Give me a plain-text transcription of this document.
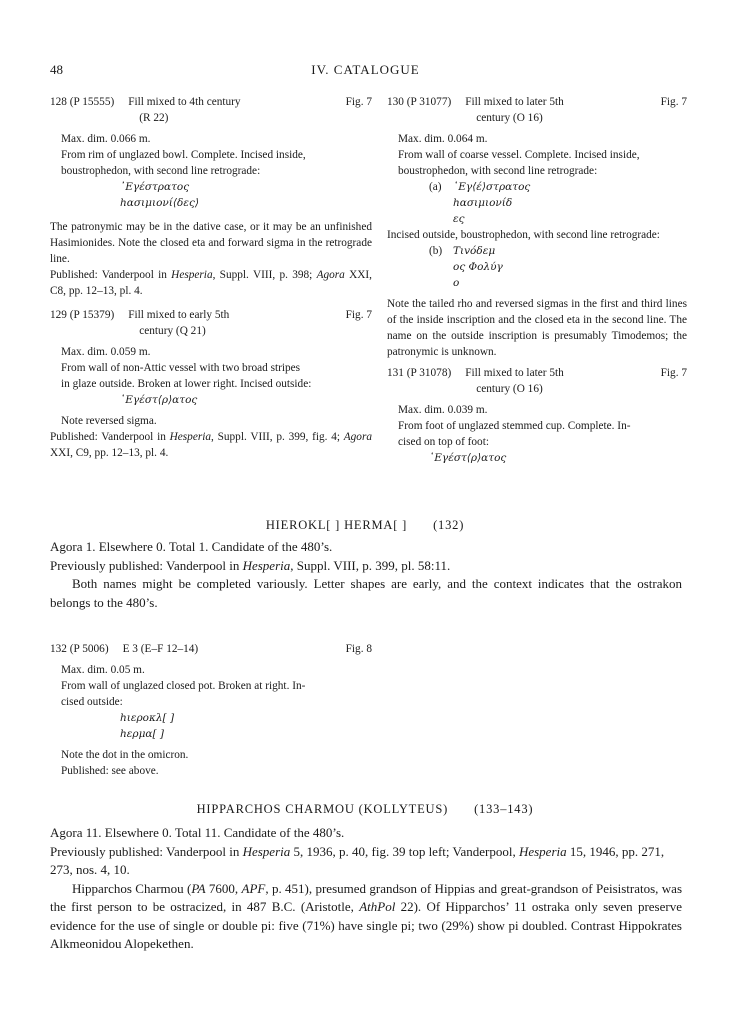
48	IV. CATALOGUE
128 (P 15555) Fill mixed to 4th century
(R 22)
Fig. 7
Max. dim. 0.066 m.
From rim of unglazed bowl. Complete. Incised inside,
boustrophedon, with second line retrograde:
᾿Εγέστρατος
hασιμιονί⟨δες⟩
The patronymic may be in the dative case, or it may be an unfinished Hasimionides. Note the closed eta and forward sigma in the retrograde line.
Published: Vanderpool in Hesperia, Suppl. VIII, p. 398; Agora XXI, C8, pp. 12–13, pl. 4.
129 (P 15379) Fill mixed to early 5th
century (Q 21)
Fig. 7
Max. dim. 0.059 m.
From wall of non-Attic vessel with two broad stripes
in glaze outside. Broken at lower right. Incised outside:
῾Εγέστ⟨ρ⟩ατος
Note reversed sigma.
Published: Vanderpool in Hesperia, Suppl. VIII, p. 399, fig. 4; Agora XXI, C9, pp. 12–13, pl. 4.
130 (P 31077) Fill mixed to later 5th
century (O 16)
Fig. 7
Max. dim. 0.064 m.
From wall of coarse vessel. Complete. Incised inside,
boustrophedon, with second line retrograde:
(a) ῾Εγ⟨έ⟩στρατος
hασιμιονίδ
ες
Incised outside, boustrophedon, with second line retrograde:
(b) Τιvόδεμ
ος Φολύγ
ο
Note the tailed rho and reversed sigmas in the first and third lines of the inside inscription and the closed eta in the second line. The name on the outside inscription is presumably Timodemos; the patronymic is unknown.
131 (P 31078) Fill mixed to later 5th
century (O 16)
Fig. 7
Max. dim. 0.039 m.
From foot of unglazed stemmed cup. Complete. In-
cised on top of foot:
῾Εγέστ⟨ρ⟩ατος
HIEROKL[ ] HERMA[ ] (132)

Agora 1. Elsewhere 0. Total 1. Candidate of the 480’s.

Previously published: Vanderpool in Hesperia, Suppl. VIII, p. 399, pl. 58:11.

Both names might be completed variously. Letter shapes are early, and the context indicates that the ostrakon belongs to the 480’s.

132 (P 5006) E 3 (E–F 12–14)	Fig. 8
Max. dim. 0.05 m.
From wall of unglazed closed pot. Broken at right. In-
cised outside:
hιεροκλ[ ]
hερμα[ ]
Note the dot in the omicron.
Published: see above.
HIPPARCHOS CHARMOU (KOLLYTEUS) (133–143)

Agora 11. Elsewhere 0. Total 11. Candidate of the 480’s.

Previously published: Vanderpool in Hesperia 5, 1936, p. 40, fig. 39 top left; Vanderpool, Hesperia 15, 1946, pp. 271, 273, nos. 4, 10.

Hipparchos Charmou (PA 7600, APF, p. 451), presumed grandson of Hippias and great-grandson of Peisistratos, was the first person to be ostracized, in 487 B.C. (Aristotle, AthPol 22). Of Hipparchos’ 11 ostraka only seven preserve evidence for the use of single or double pi: five (71%) have single pi; two (29%) show pi doubled. Contrast Hippokrates Alkmeonidou Alopekethen.
